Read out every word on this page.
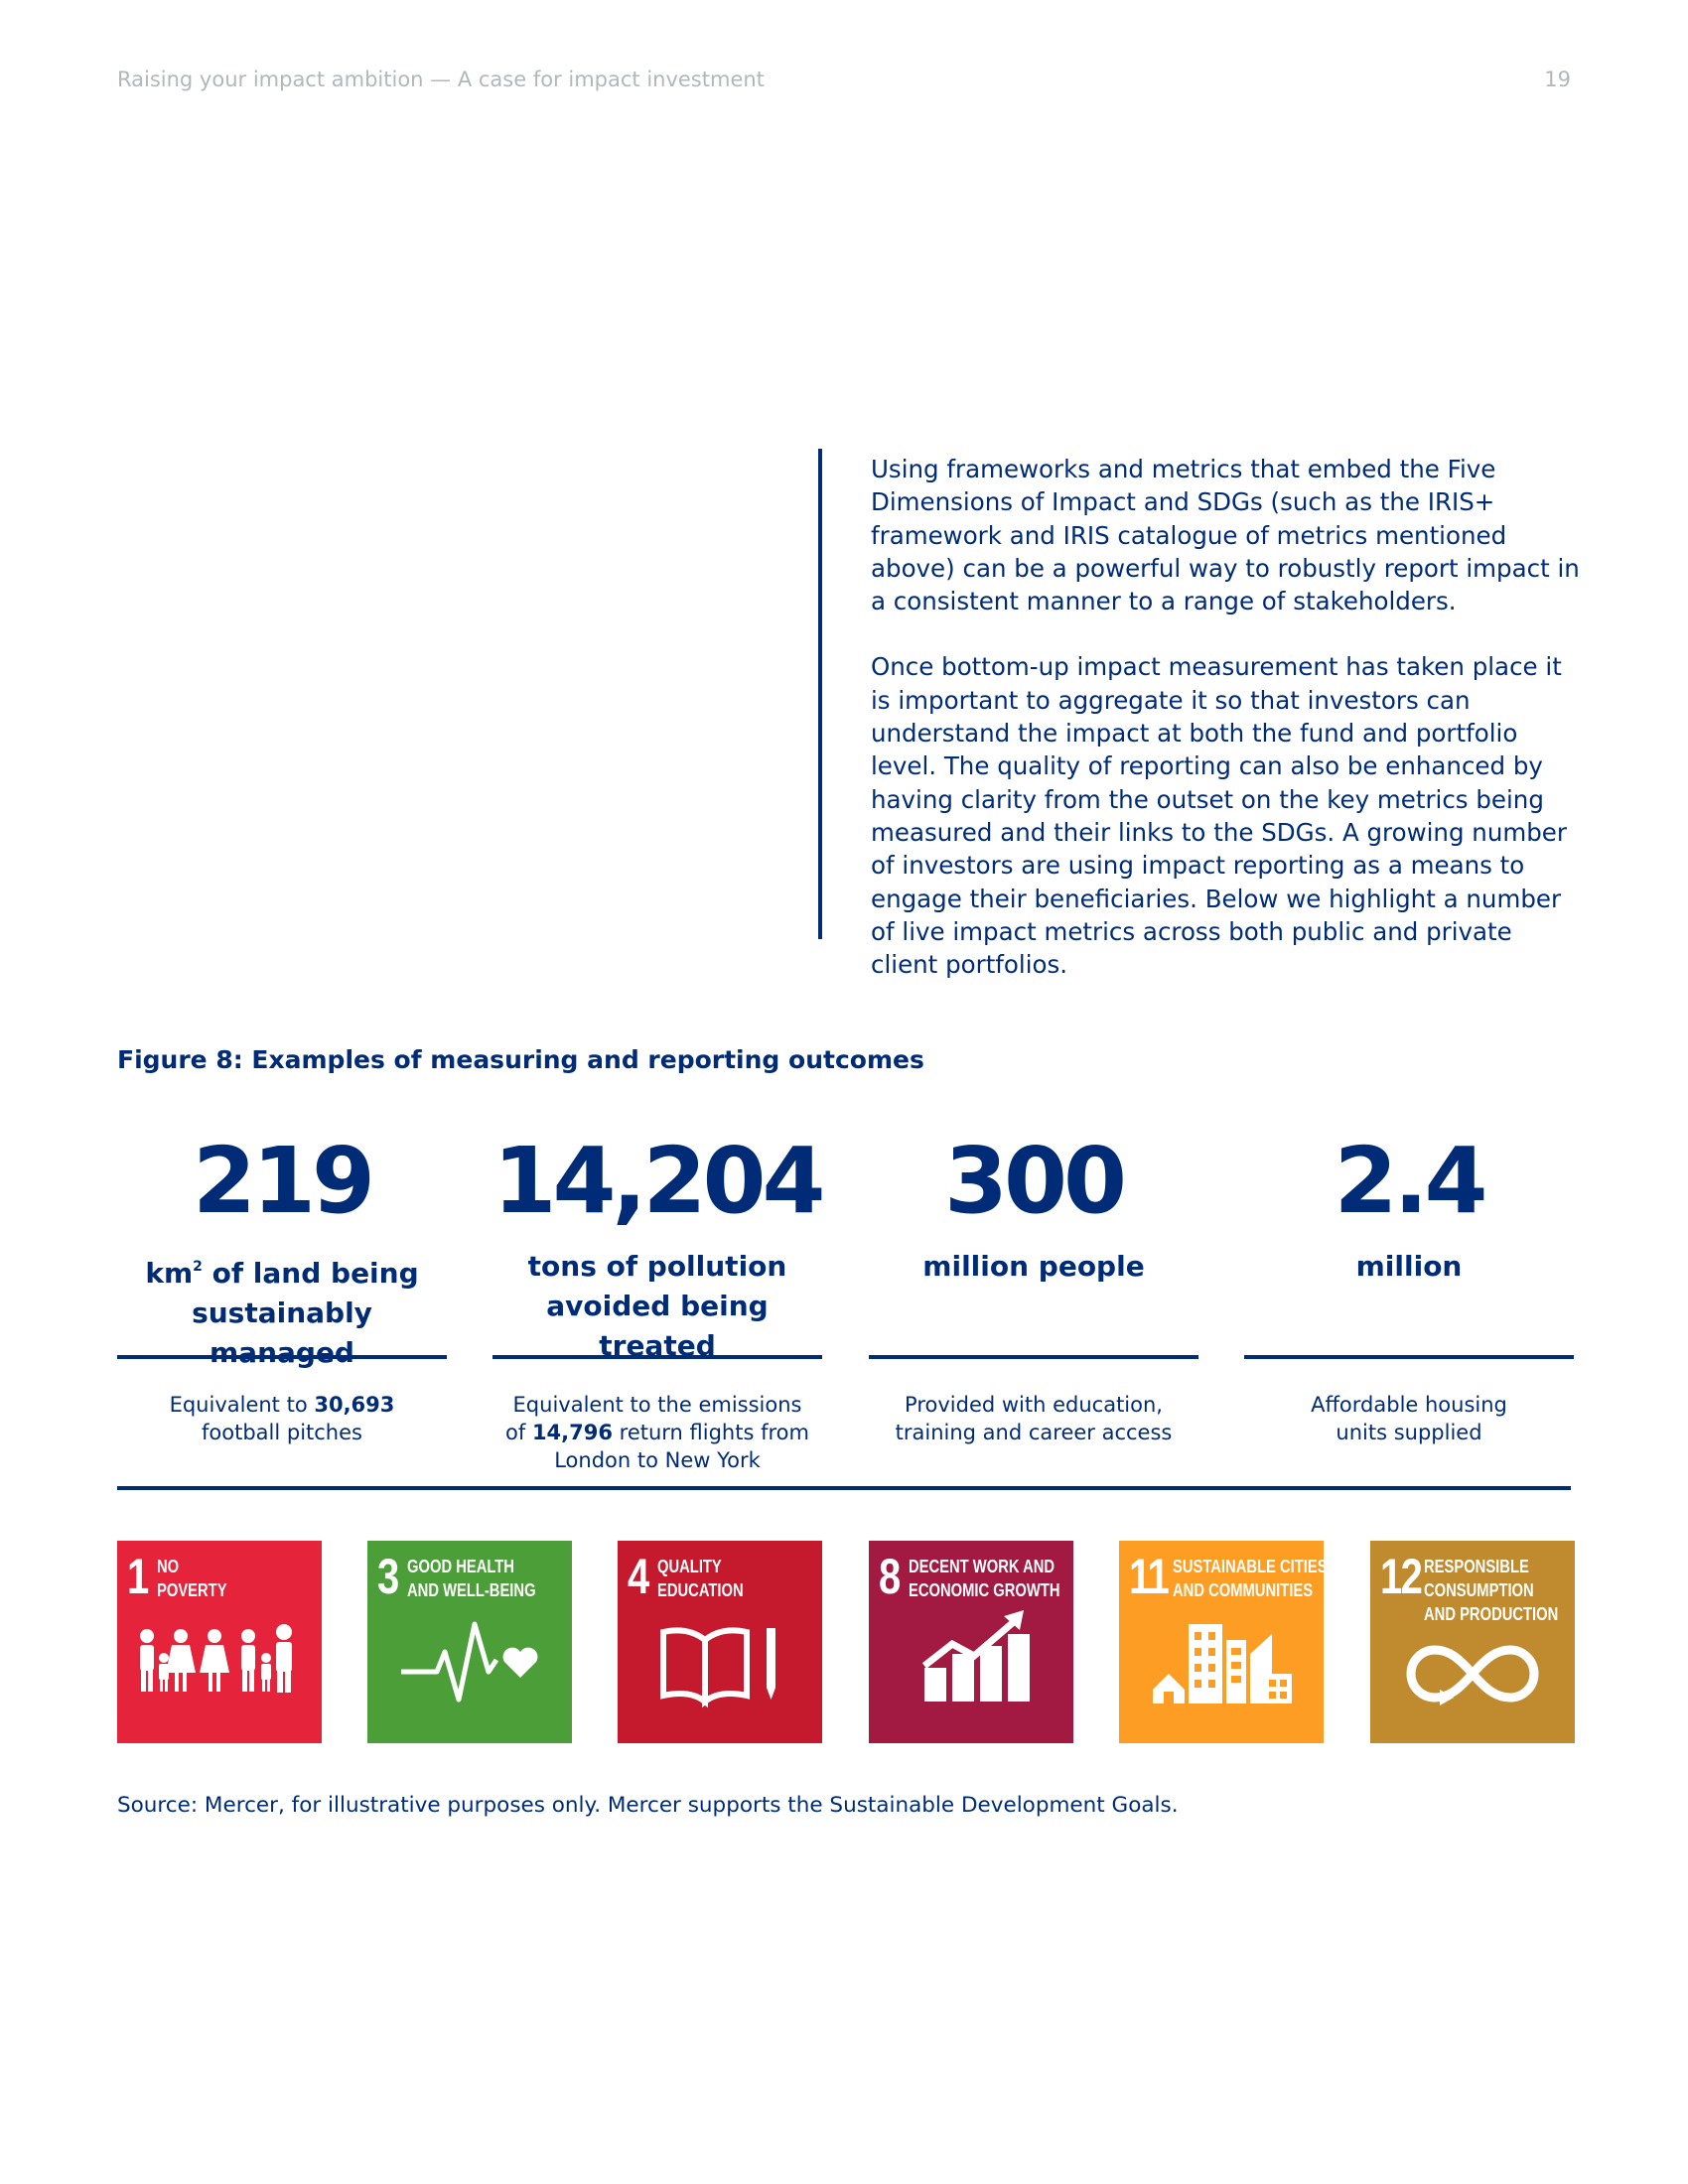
Raising your impact ambition — A case for impact investment	19

Using frameworks and metrics that embed the Five Dimensions of Impact and SDGs (such as the IRIS+ framework and IRIS catalogue of metrics mentioned above) can be a powerful way to robustly report impact in a consistent manner to a range of stakeholders.

Once bottom-up impact measurement has taken place it is important to aggregate it so that investors can understand the impact at both the fund and portfolio level. The quality of reporting can also be enhanced by having clarity from the outset on the key metrics being measured and their links to the SDGs. A growing number of investors are using impact reporting as a means to engage their beneficiaries. Below we highlight a number of live impact metrics across both public and private client portfolios.

Figure 8: Examples of measuring and reporting outcomes
219
$km^2$ of land being
sustainably managed
Equivalent to 30,693
football pitches
14,204
tons of pollution
avoided being treated
Equivalent to the emissions
of 14,796 return flights from
London to New York
300
million people
Provided with education,
training and career access
2.4
million
Affordable housing
units supplied
1 NO
POVERTY	3 GOOD HEALTH
AND WELL-BEING 4 QUALITY
EDUCATION	8 DECENT WORK AND
ECONOMIC GROWTH 11 SUSTAINABLE CITIES
AND COMMUNITIES 12 RESPONSIBLE
CONSUMPTION
AND PRODUCTION
Source: Mercer, for illustrative purposes only. Mercer supports the Sustainable Development Goals.
